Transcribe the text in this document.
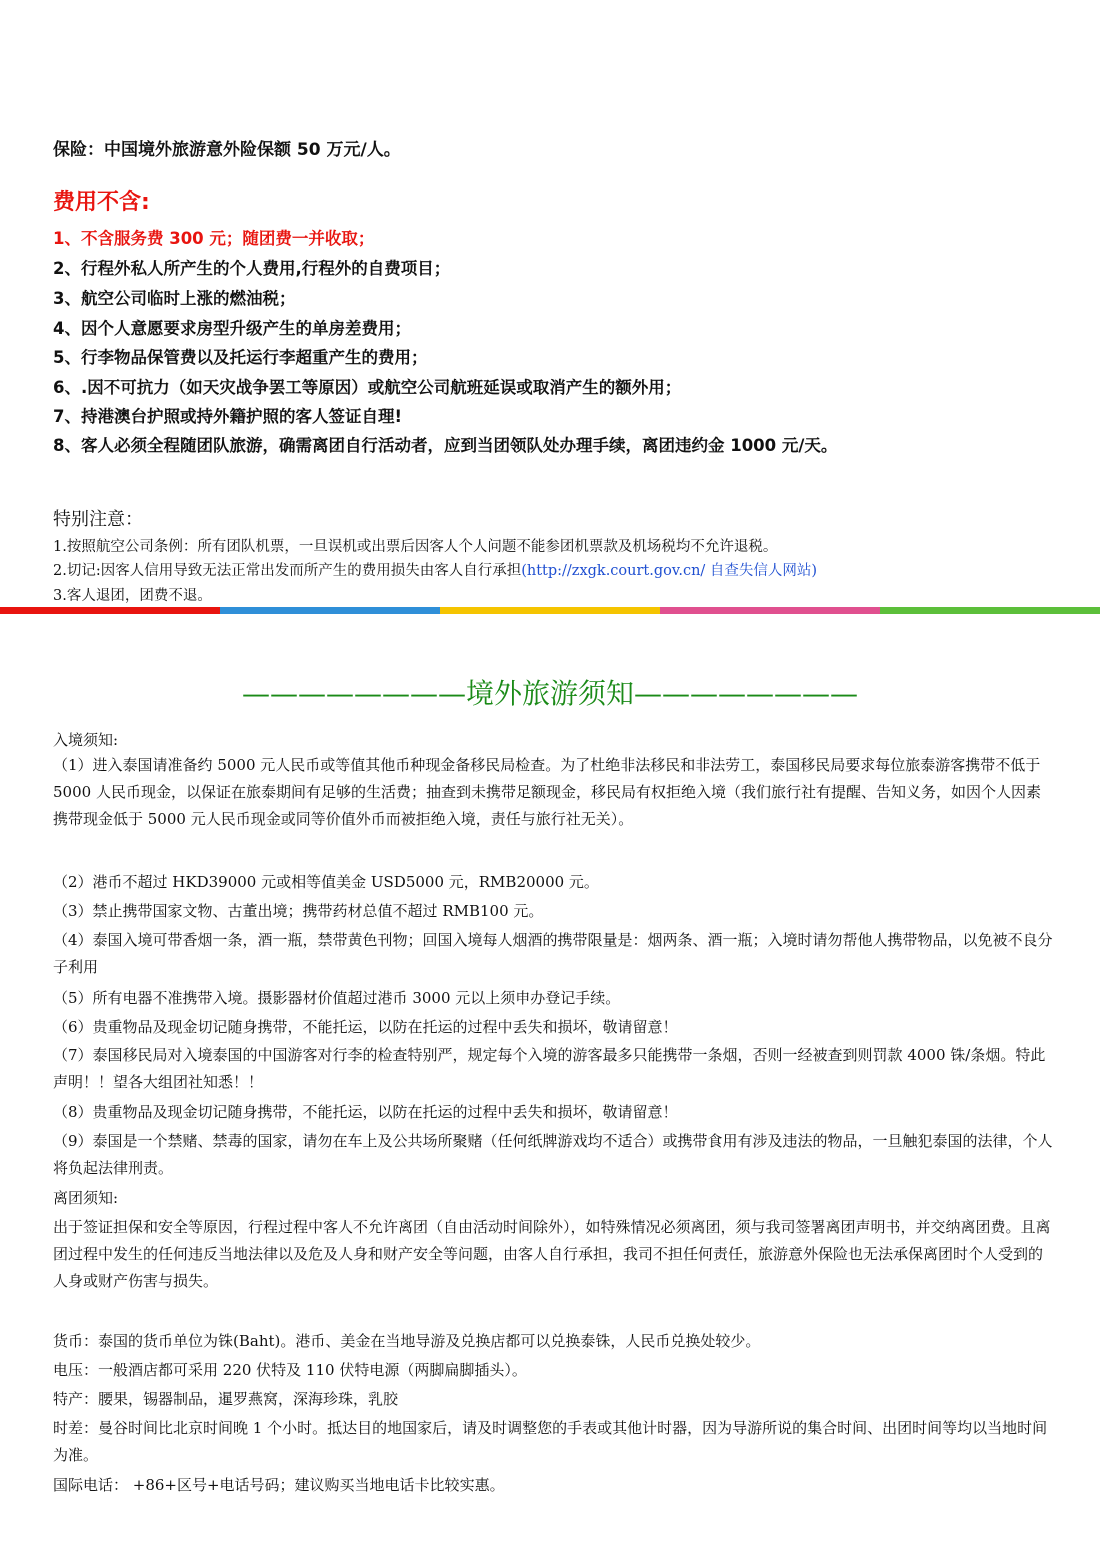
保险：中国境外旅游意外险保额 50 万元/人。
费用不含:
1、不含服务费 300 元；随团费一并收取；
2、行程外私人所产生的个人费用,行程外的自费项目；
3、航空公司临时上涨的燃油税；
4、因个人意愿要求房型升级产生的单房差费用；
5、行李物品保管费以及托运行李超重产生的费用；
6、.因不可抗力（如天灾战争罢工等原因）或航空公司航班延误或取消产生的额外用；
7、持港澳台护照或持外籍护照的客人签证自理!
8、客人必须全程随团队旅游，确需离团自行活动者，应到当团领队处办理手续，离团违约金 1000 元/天。
特别注意：
1.按照航空公司条例：所有团队机票，一旦误机或出票后因客人个人问题不能参团机票款及机场税均不允许退税。
2.切记:因客人信用导致无法正常出发而所产生的费用损失由客人自行承担(http://zxgk.court.gov.cn/ 自查失信人网站)
3.客人退团，团费不退。
————————境外旅游须知————————
入境须知:
（1）进入泰国请准备约 5000 元人民币或等值其他币种现金备移民局检查。为了杜绝非法移民和非法劳工，泰国移民局要求每位旅泰游客携带不低于 5000 人民币现金，以保证在旅泰期间有足够的生活费；抽查到未携带足额现金，移民局有权拒绝入境（我们旅行社有提醒、告知义务，如因个人因素携带现金低于 5000 元人民币现金或同等价值外币而被拒绝入境，责任与旅行社无关）。
（2）港币不超过 HKD39000 元或相等值美金 USD5000 元，RMB20000 元。
（3）禁止携带国家文物、古董出境；携带药材总值不超过 RMB100 元。
（4）泰国入境可带香烟一条，酒一瓶，禁带黄色刊物；回国入境每人烟酒的携带限量是：烟两条、酒一瓶；入境时请勿帮他人携带物品，以免被不良分子利用
（5）所有电器不准携带入境。摄影器材价值超过港币 3000 元以上须申办登记手续。
（6）贵重物品及现金切记随身携带，不能托运，以防在托运的过程中丢失和损坏，敬请留意！
（7）泰国移民局对入境泰国的中国游客对行李的检查特别严，规定每个入境的游客最多只能携带一条烟，否则一经被查到则罚款 4000 铢/条烟。特此声明！！望各大组团社知悉！！
（8）贵重物品及现金切记随身携带，不能托运，以防在托运的过程中丢失和损坏，敬请留意！
（9）泰国是一个禁赌、禁毒的国家，请勿在车上及公共场所聚赌（任何纸牌游戏均不适合）或携带食用有涉及违法的物品，一旦触犯泰国的法律，个人将负起法律刑责。
离团须知:
出于签证担保和安全等原因，行程过程中客人不允许离团（自由活动时间除外），如特殊情况必须离团，须与我司签署离团声明书，并交纳离团费。且离团过程中发生的任何违反当地法律以及危及人身和财产安全等问题，由客人自行承担，我司不担任何责任，旅游意外保险也无法承保离团时个人受到的人身或财产伤害与损失。
货币：泰国的货币单位为铢(Baht)。港币、美金在当地导游及兑换店都可以兑换泰铢，人民币兑换处较少。
电压：一般酒店都可采用 220 伏特及 110 伏特电源（两脚扁脚插头）。
特产：腰果，锡器制品，暹罗燕窝，深海珍珠，乳胶
时差：曼谷时间比北京时间晚 1 个小时。抵达目的地国家后，请及时调整您的手表或其他计时器，因为导游所说的集合时间、出团时间等均以当地时间为准。
国际电话： +86+区号+电话号码；建议购买当地电话卡比较实惠。
